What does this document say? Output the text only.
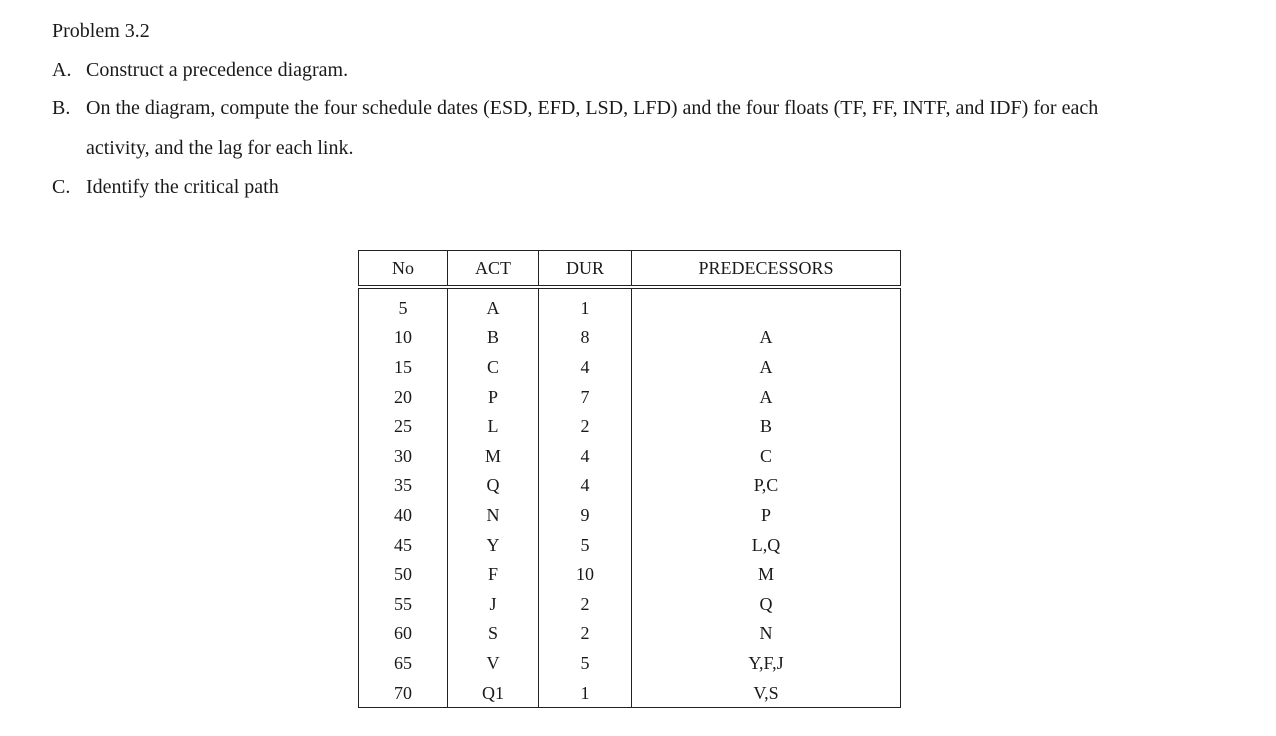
Problem 3.2
A. Construct a precedence diagram.
B. On the diagram, compute the four schedule dates (ESD, EFD, LSD, LFD) and the four floats (TF, FF, INTF, and IDF) for each
activity, and the lag for each link.
C. Identify the critical path
No	ACT	DUR	PREDECESSORS
5	A	1	
10	B	8	A
15	C	4	A
20	P	7	A
25	L	2	B
30	M	4	C
35	Q	4	P,C
40	N	9	P
45	Y	5	L,Q
50	F	10	M
55	J	2	Q
60	S	2	N
65	V	5	Y,F,J
70	Q1	1	V,S
